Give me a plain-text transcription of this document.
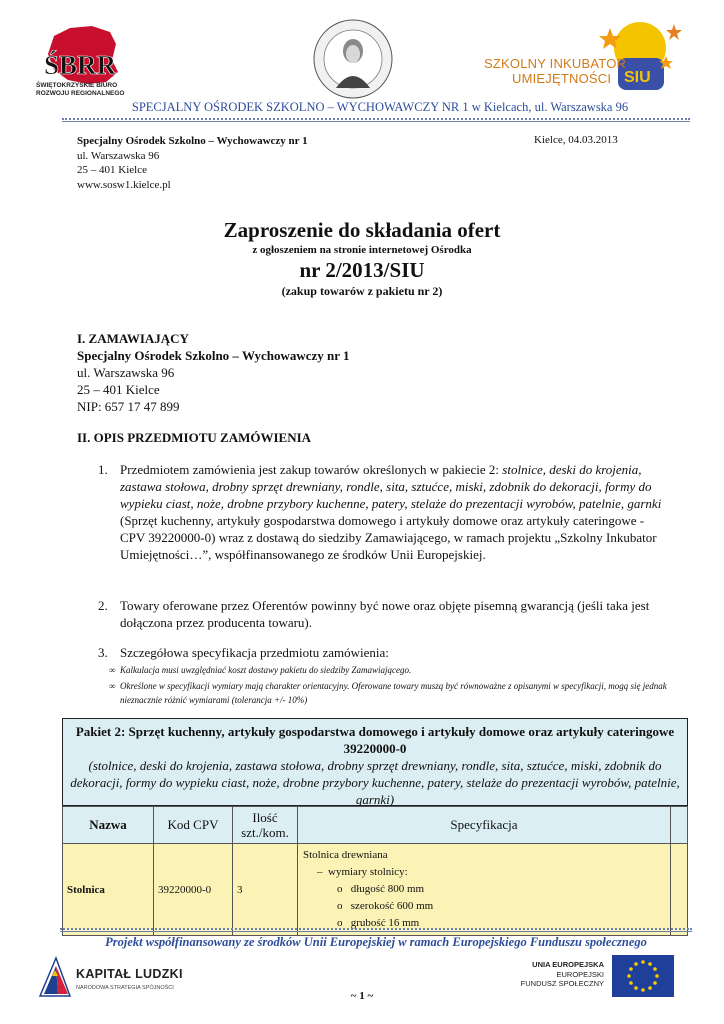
ŚBRR
ŚWIĘTOKRZYSKIE BIURO
ROZWOJU REGIONALNEGO
SIU
SZKOLNY INKUBATOR
UMIEJĘTNOŚCI
SPECJALNY OŚRODEK SZKOLNO – WYCHOWAWCZY NR 1 w Kielcach, ul. Warszawska 96
Specjalny Ośrodek Szkolno – Wychowawczy nr 1
ul. Warszawska 96
25 – 401 Kielce
www.sosw1.kielce.pl
Kielce, 04.03.2013
Zaproszenie do składania ofert
z ogłoszeniem na stronie internetowej Ośrodka
nr 2/2013/SIU
(zakup towarów z pakietu nr 2)
I. ZAMAWIAJĄCY
Specjalny Ośrodek Szkolno – Wychowawczy nr 1
ul. Warszawska 96
25 – 401 Kielce
NIP: 657 17 47 899
II. OPIS PRZEDMIOTU ZAMÓWIENIA
1. Przedmiotem zamówienia jest zakup towarów określonych w pakiecie 2: stolnice, deski do krojenia, zastawa stołowa, drobny sprzęt drewniany, rondle, sita, sztućce, miski, zdobnik do dekoracji, formy do wypieku ciast, noże, drobne przybory kuchenne, patery, stelaże do prezentacji wyrobów, patelnie, garnki (Sprzęt kuchenny, artykuły gospodarstwa domowego i artykuły domowe oraz artykuły cateringowe - CPV 39220000-0) wraz z dostawą do siedziby Zamawiającego, w ramach projektu „Szkolny Inkubator Umiejętności…”, współfinansowanego ze środków Unii Europejskiej.
2. Towary oferowane przez Oferentów powinny być nowe oraz objęte pisemną gwarancją (jeśli taka jest dołączona przez producenta towaru).
3. Szczegółowa specyfikacja przedmiotu zamówienia:
∞ Kalkulacja musi uwzględniać koszt dostawy pakietu do siedziby Zamawiającego.
∞ Określone w specyfikacji wymiary mają charakter orientacyjny. Oferowane towary muszą być równoważne z opisanymi w specyfikacji, mogą się jednak nieznacznie różnić wymiarami (tolerancja +/- 10%)
Pakiet 2: Sprzęt kuchenny, artykuły gospodarstwa domowego i artykuły domowe oraz artykuły cateringowe 39220000-0
(stolnice, deski do krojenia, zastawa stołowa, drobny sprzęt drewniany, rondle, sita, sztućce, miski, zdobnik do dekoracji, formy do wypieku ciast, noże, drobne przybory kuchenne, patery, stelaże do prezentacji wyrobów, patelnie, garnki)
Nazwa	Kod CPV	Ilość szt./kom.	Specyfikacja	
Stolnica	39220000-0	3	Stolnica drewniana
– wymiary stolnicy:
o długość 800 mm
o szerokość 600 mm
o grubość 16 mm	

Projekt współfinansowany ze środków Unii Europejskiej w ramach Europejskiego Funduszu społecznego
KAPITAŁ LUDZKI
NARODOWA STRATEGIA SPÓJNOŚCI
UNIA EUROPEJSKA
EUROPEJSKI
FUNDUSZ SPOŁECZNY
~ 1 ~
